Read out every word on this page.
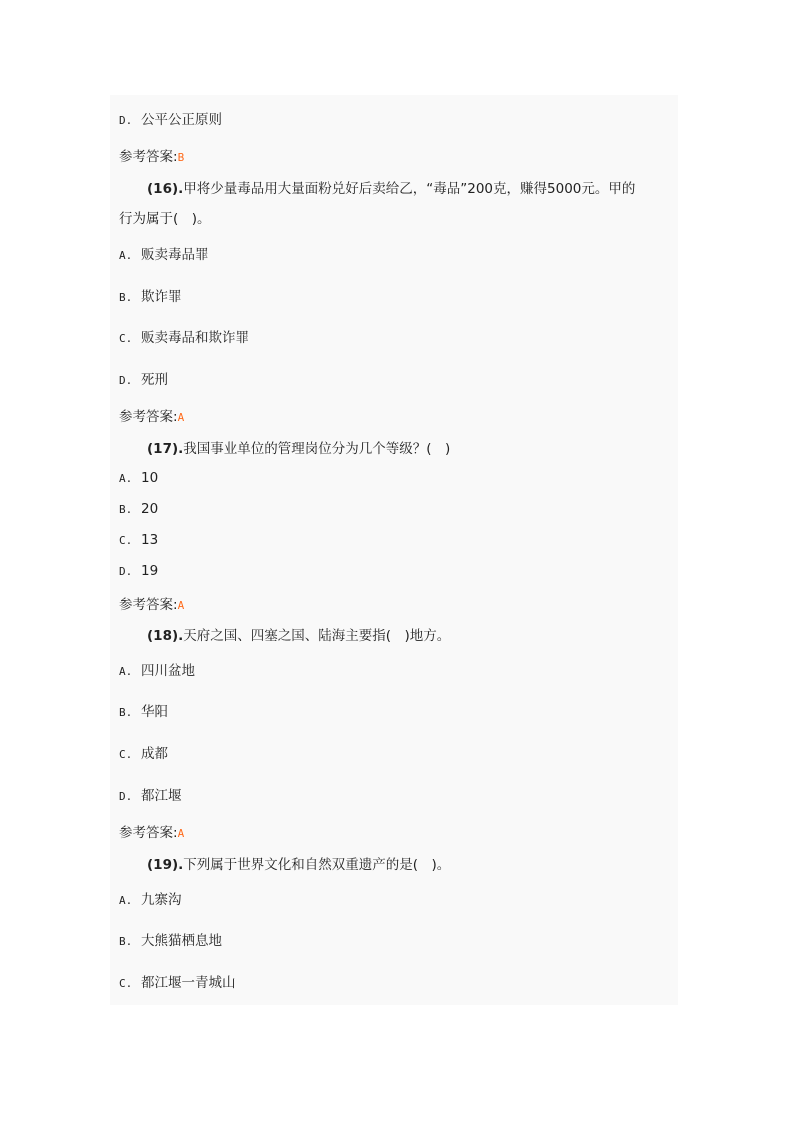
D. 公平公正原则
参考答案:B
(16).甲将少量毒品用大量面粉兑好后卖给乙，“毒品”200克，赚得5000元。甲的
行为属于(　)。
A. 贩卖毒品罪
B. 欺诈罪
C. 贩卖毒品和欺诈罪
D. 死刑
参考答案:A
(17).我国事业单位的管理岗位分为几个等级？(　)
A. 10
B. 20
C. 13
D. 19
参考答案:A
(18).天府之国、四塞之国、陆海主要指(　)地方。
A. 四川盆地
B. 华阳
C. 成都
D. 都江堰
参考答案:A
(19).下列属于世界文化和自然双重遗产的是(　)。
A. 九寨沟
B. 大熊猫栖息地
C. 都江堰一青城山
